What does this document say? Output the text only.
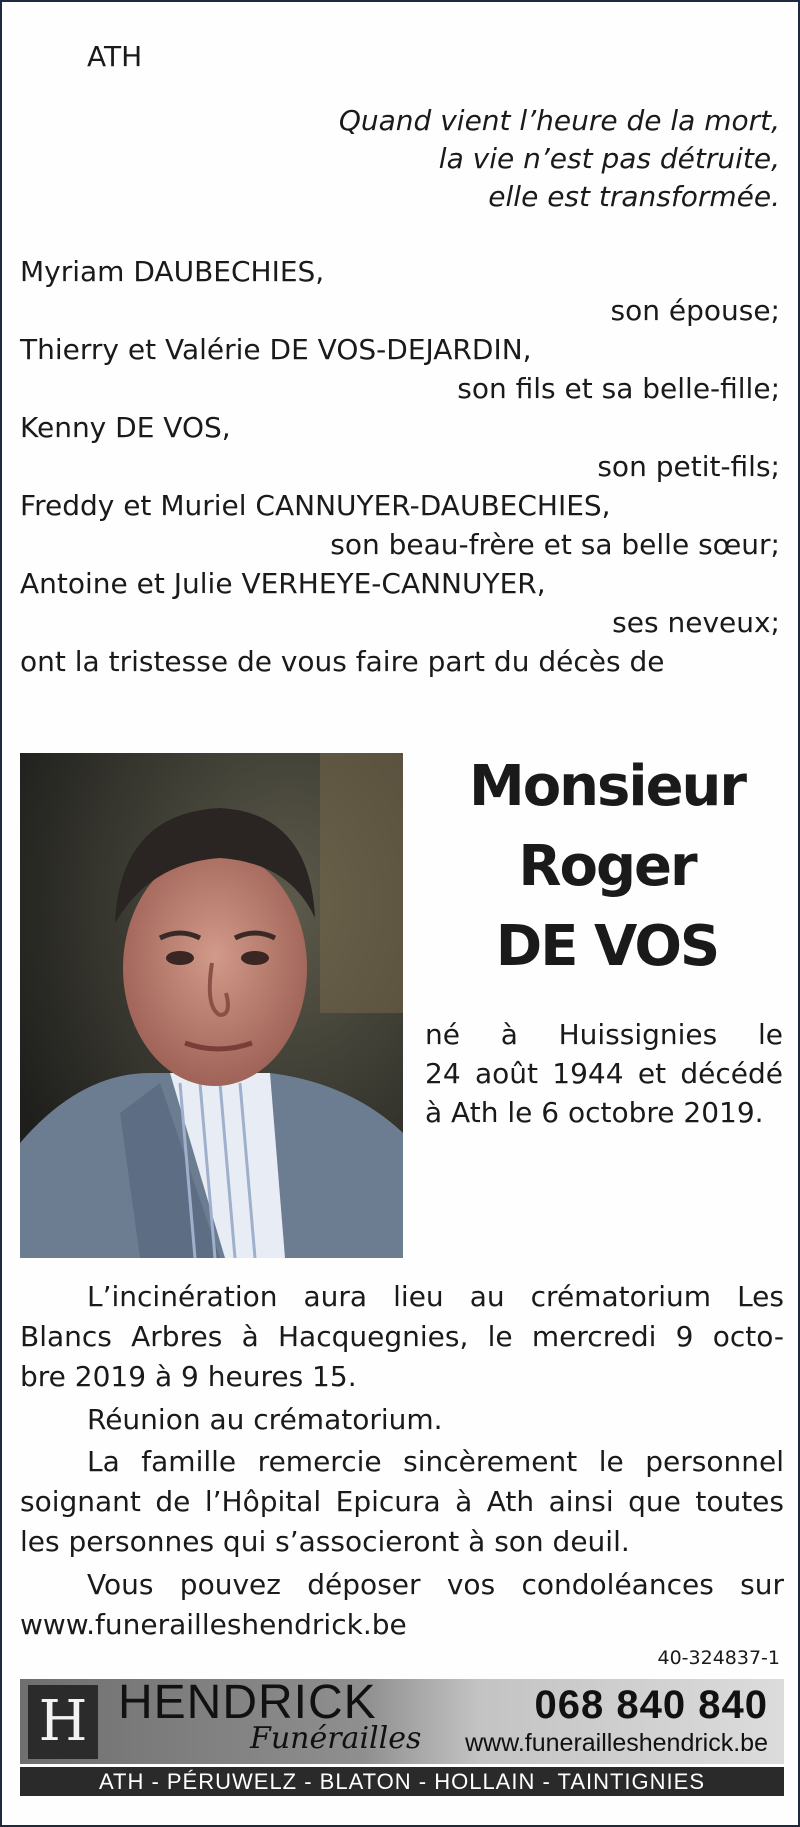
ATH
Quand vient l’heure de la mort,
la vie n’est pas détruite,
elle est transformée.
Myriam DAUBECHIES,
son épouse;
Thierry et Valérie DE VOS-DEJARDIN,
son fils et sa belle-fille;
Kenny DE VOS,
son petit-fils;
Freddy et Muriel CANNUYER-DAUBECHIES,
son beau-frère et sa belle sœur;
Antoine et Julie VERHEYE-CANNUYER,
ses neveux;
ont la tristesse de vous faire part du décès de
Monsieur
Roger
DE VOS
né à Huissignies le
24 août 1944 et décédé
à Ath le 6 octobre 2019.
L’incinération aura lieu au crématorium Les
Blancs Arbres à Hacquegnies, le mercredi 9 octo-
bre 2019 à 9 heures 15.
Réunion au crématorium.
La famille remercie sincèrement le personnel
soignant de l’Hôpital Epicura à Ath ainsi que toutes
les personnes qui s’associeront à son deuil.
Vous pouvez déposer vos condoléances sur
www.funerailleshendrick.be
40-324837-1
H HENDRICK
Funérailles
068 840 840
www.funerailleshendrick.be
ATH - PÉRUWELZ - BLATON - HOLLAIN - TAINTIGNIES
